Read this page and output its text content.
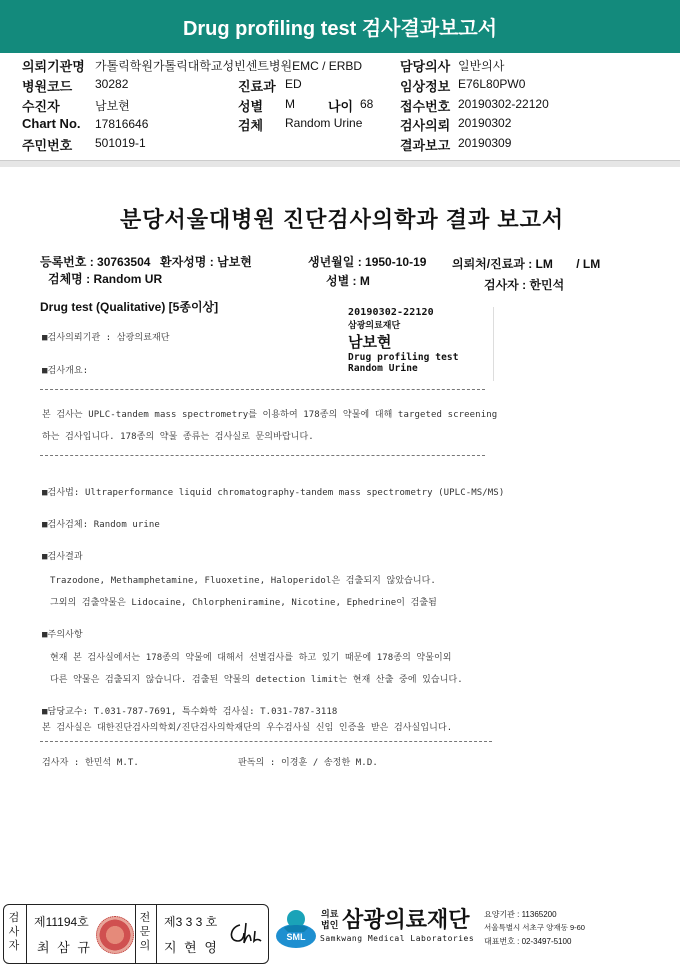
Drug profiling test 검사결과보고서
의뢰기관명 가톨릭학원가톨릭대학교성빈센트병원EMC / ERBD
병원코드 30282
수진자	남보현
Chart No. 17816646
주민번호 501019-1
진료과 ED
성별 M	나이 68
검체 Random Urine
담당의사 일반의사
임상정보 E76L80PW0
접수번호 20190302-22120
검사의뢰 20190302
결과보고 20190309
분당서울대병원 진단검사의학과 결과 보고서
등록번호 : 30763504 환자성명 : 남보현	생년월일 : 1950-10-19 의뢰처/진료과 : LM       / LM
검체명 : Random UR	성별 : M	검사자 : 한민석
Drug test (Qualitative) [5종이상]	20190302-22120
삼광의료재단
남보현
Drug profiling test
Random Urine
■검사의뢰기관 : 삼광의료재단
■검사개요:
본 검사는 UPLC-tandem mass spectrometry를 이용하여 178종의 약물에 대해 targeted screening
하는 검사입니다. 178종의 약물 종류는 검사실로 문의바랍니다.
■검사법: Ultraperformance liquid chromatography-tandem mass spectrometry (UPLC-MS/MS)
■검사검체: Random urine
■검사결과
Trazodone, Methamphetamine, Fluoxetine, Haloperidol은 검출되지 않았습니다.
그외의 검출약물은 Lidocaine, Chlorpheniramine, Nicotine, Ephedrine이 검출됨
■주의사항
현재 본 검사실에서는 178종의 약물에 대해서 선별검사를 하고 있기 때문에 178종의 약물이외
다른 약물은 검출되지 않습니다. 검출된 약물의 detection limit는 현재 산출 중에 있습니다.
■담당교수: T.031-787-7691, 특수화학 검사실: T.031-787-3118
본 검사실은 대한진단검사의학회/진단검사의학재단의 우수검사실 신임 인증을 받은 검사실입니다.
검사자 : 한민석 M.T.	판독의 : 이경훈 / 송정한 M.D.
검사자
제11194호
최 삼 규
전문의
제3 3 3 호
지 현 영
SML
의료
법인 삼광의료재단
Samkwang Medical Laboratories
요양기관 : 11365200
서울특별시 서초구 양재동 9-60
대표번호 : 02-3497-5100
